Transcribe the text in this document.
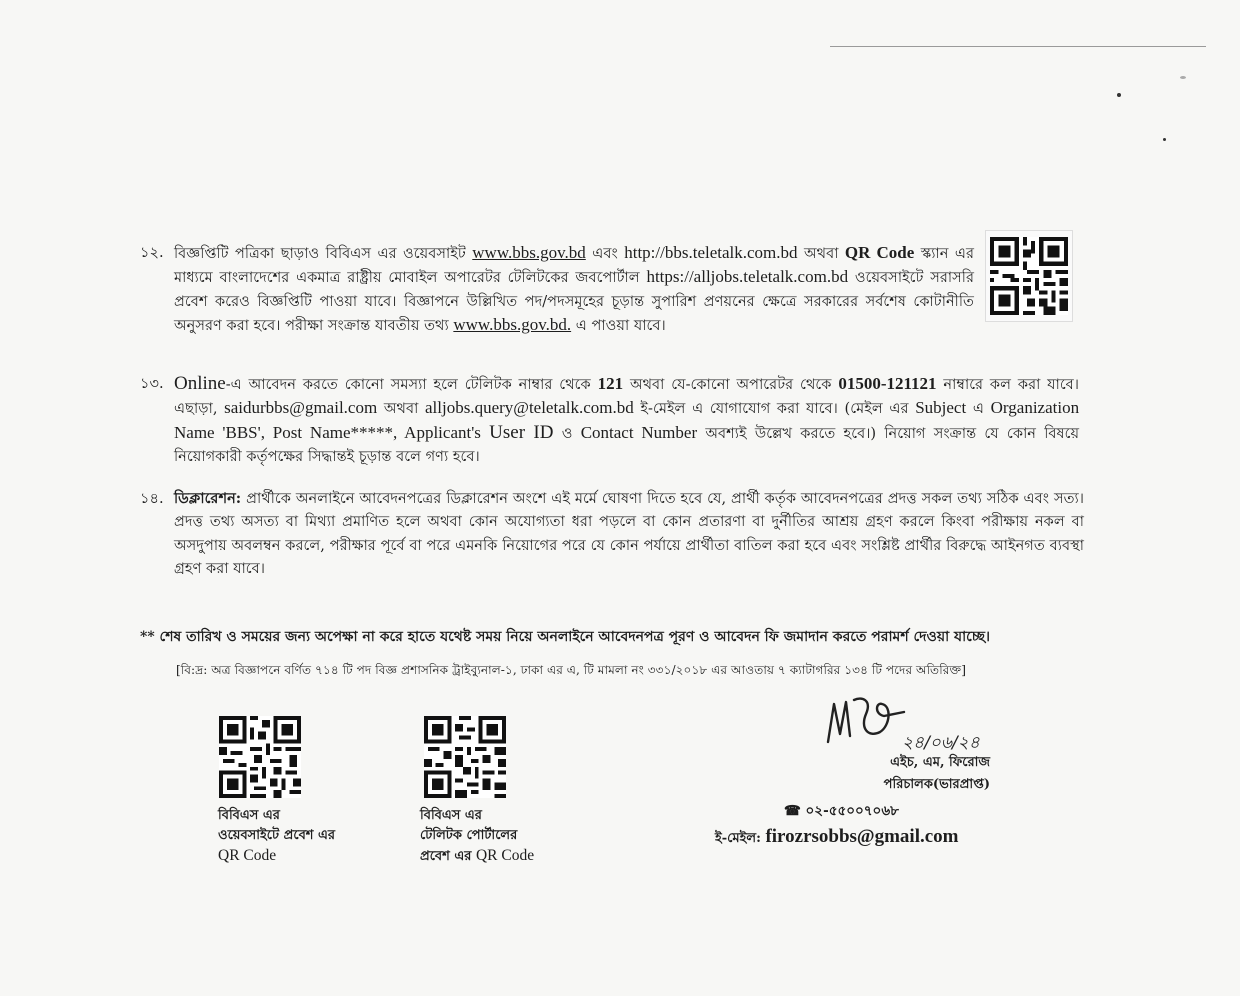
১২. বিজ্ঞপ্তিটি পত্রিকা ছাড়াও বিবিএস এর ওয়েবসাইট www.bbs.gov.bd এবং http://bbs.teletalk.com.bd অথবা QR Code স্ক্যান এর মাধ্যমে বাংলাদেশের একমাত্র রাষ্ট্রীয় মোবাইল অপারেটর টেলিটকের জবপোর্টাল https://alljobs.teletalk.com.bd ওয়েবসাইটে সরাসরি প্রবেশ করেও বিজ্ঞপ্তিটি পাওয়া যাবে। বিজ্ঞাপনে উল্লিখিত পদ/পদসমূহের চূড়ান্ত সুপারিশ প্রণয়নের ক্ষেত্রে সরকারের সর্বশেষ কোটানীতি অনুসরণ করা হবে। পরীক্ষা সংক্রান্ত যাবতীয় তথ্য www.bbs.gov.bd. এ পাওয়া যাবে।
১৩. Online-এ আবেদন করতে কোনো সমস্যা হলে টেলিটক নাম্বার থেকে 121 অথবা যে-কোনো অপারেটর থেকে 01500-121121 নাম্বারে কল করা যাবে। এছাড়া, saidurbbs@gmail.com অথবা alljobs.query@teletalk.com.bd ই-মেইল এ যোগাযোগ করা যাবে। (মেইল এর Subject এ Organization Name 'BBS', Post Name*****, Applicant's User ID ও Contact Number অবশ্যই উল্লেখ করতে হবে।) নিয়োগ সংক্রান্ত যে কোন বিষয়ে নিয়োগকারী কর্তৃপক্ষের সিদ্ধান্তই চূড়ান্ত বলে গণ্য হবে।
১৪. ডিক্লারেশন: প্রার্থীকে অনলাইনে আবেদনপত্রের ডিক্লারেশন অংশে এই মর্মে ঘোষণা দিতে হবে যে, প্রার্থী কর্তৃক আবেদনপত্রের প্রদত্ত সকল তথ্য সঠিক এবং সত্য। প্রদত্ত তথ্য অসত্য বা মিথ্যা প্রমাণিত হলে অথবা কোন অযোগ্যতা ধরা পড়লে বা কোন প্রতারণা বা দুর্নীতির আশ্রয় গ্রহণ করলে কিংবা পরীক্ষায় নকল বা অসদুপায় অবলম্বন করলে, পরীক্ষার পূর্বে বা পরে এমনকি নিয়োগের পরে যে কোন পর্যায়ে প্রার্থীতা বাতিল করা হবে এবং সংশ্লিষ্ট প্রার্থীর বিরুদ্ধে আইনগত ব্যবস্থা গ্রহণ করা যাবে।
** শেষ তারিখ ও সময়ের জন্য অপেক্ষা না করে হাতে যথেষ্ট সময় নিয়ে অনলাইনে আবেদনপত্র পূরণ ও আবেদন ফি জমাদান করতে পরামর্শ দেওয়া যাচ্ছে।
[বি:দ্র: অত্র বিজ্ঞাপনে বর্ণিত ৭১৪ টি পদ বিজ্ঞ প্রশাসনিক ট্রাইব্যুনাল-১, ঢাকা এর এ, টি মামলা নং ৩৩১/২০১৮ এর আওতায় ৭ ক্যাটাগরির ১৩৪ টি পদের অতিরিক্ত]
বিবিএস এর
ওয়েবসাইটে প্রবেশ এর
QR Code
বিবিএস এর
টেলিটক পোর্টালের
প্রবেশ এর QR Code
২৪/০৬/২৪
এইচ, এম, ফিরোজ
পরিচালক(ভারপ্রাপ্ত)
☎ ০২-৫৫০০৭০৬৮
ই-মেইল: firozrsobbs@gmail.com
